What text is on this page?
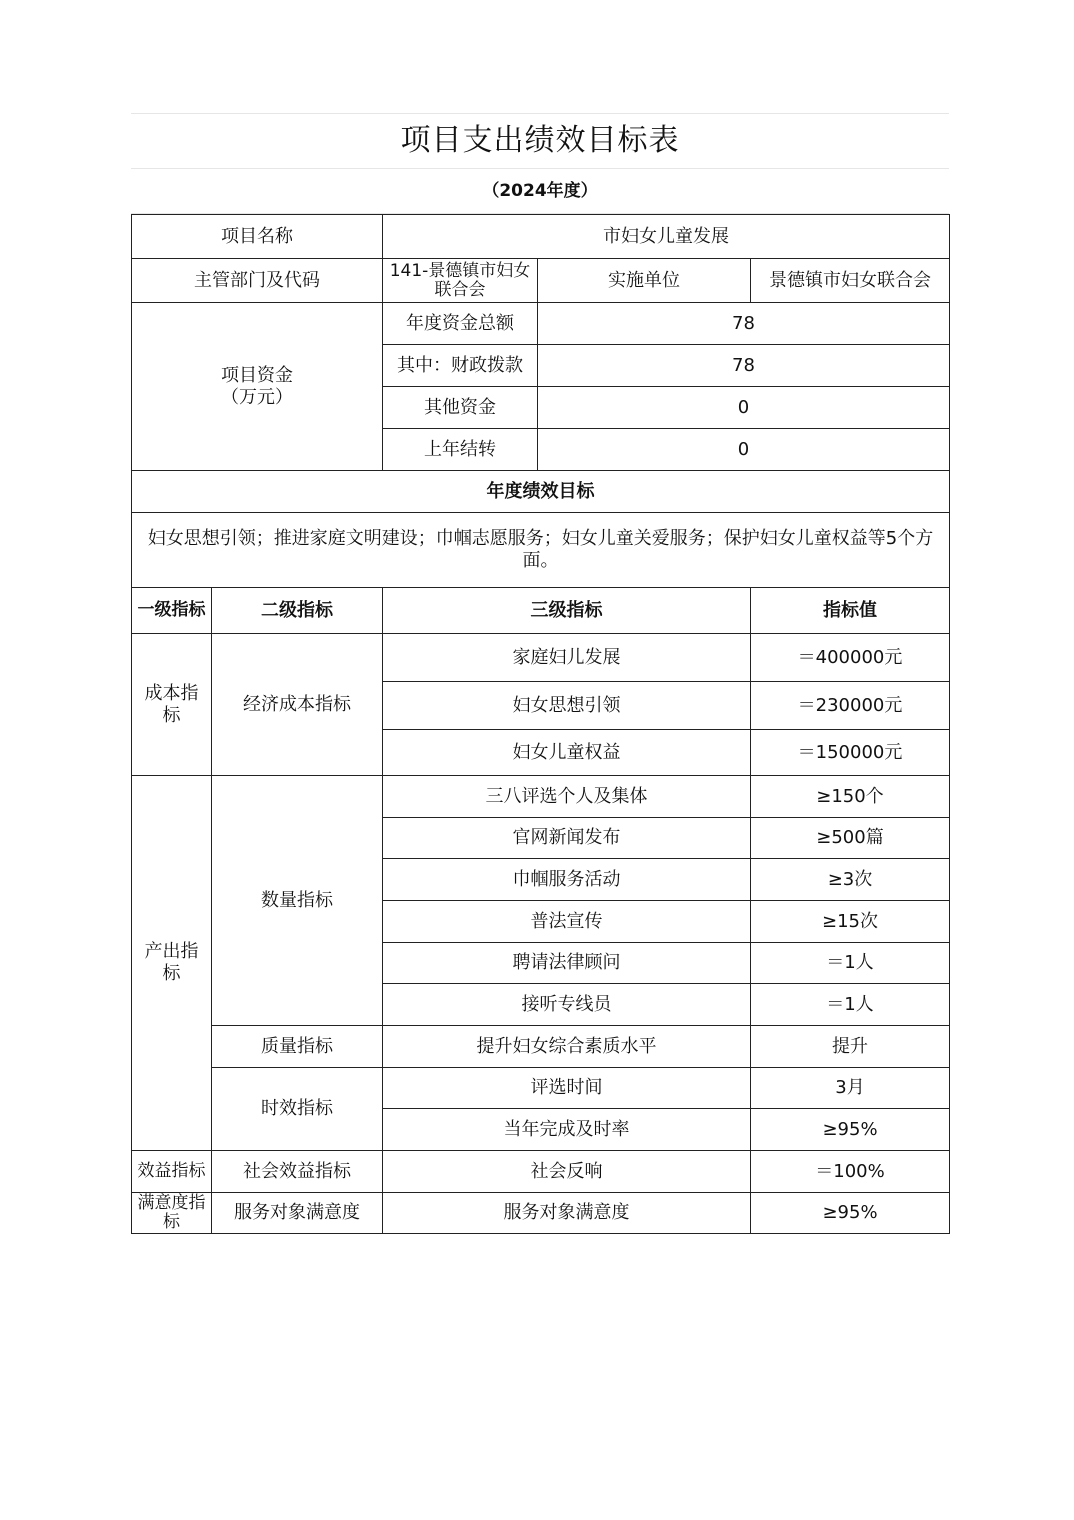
项目支出绩效目标表
（2024年度）
项目名称		市妇女儿童发展		
主管部门及代码		141-景德镇市妇女联合会	实施单位	景德镇市妇女联合会

项目资金
（万元）		年度资金总额	78	
		其中：财政拨款	78	
		其他资金	0	
		上年结转	0	
年度绩效目标				
妇女思想引领；推进家庭文明建设；巾帼志愿服务；妇女儿童关爱服务；保护妇女儿童权益等5个方面。				
一级指标	二级指标	三级指标		指标值
成本指标	经济成本指标	家庭妇儿发展		＝400000元
		妇女思想引领		＝230000元
		妇女儿童权益		＝150000元
产出指标	数量指标	三八评选个人及集体		≥150个
		官网新闻发布		≥500篇
		巾帼服务活动		≥3次
		普法宣传		≥15次
		聘请法律顾问		＝1人
		接听专线员		＝1人
	质量指标	提升妇女综合素质水平		提升
	时效指标	评选时间		3月
		当年完成及时率		≥95%
效益指标	社会效益指标	社会反响		＝100%
满意度指标	服务对象满意度	服务对象满意度		≥95%
